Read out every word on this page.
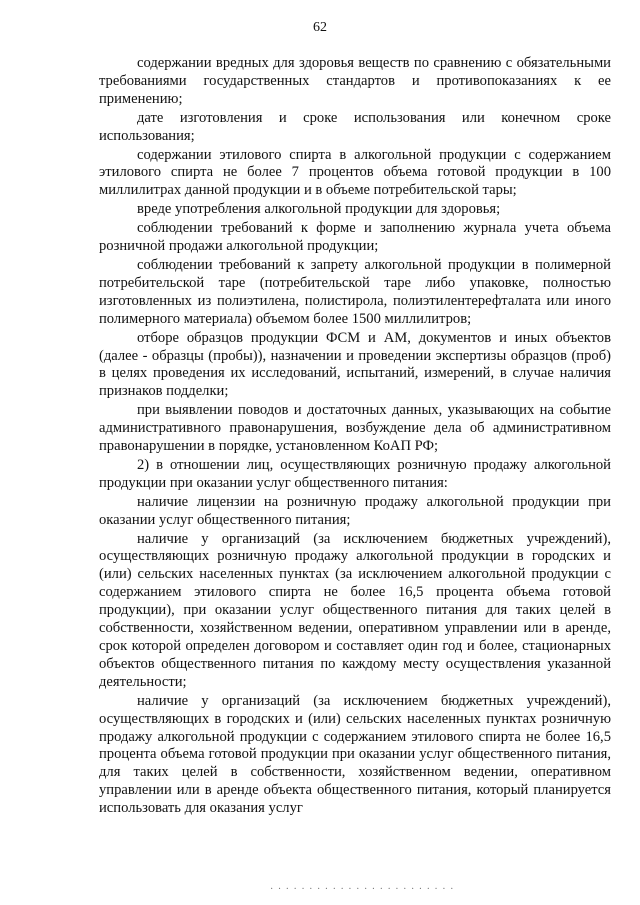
62

содержании вредных для здоровья веществ по сравнению с обязательными требованиями государственных стандартов и противопоказаниях к ее применению;

дате изготовления и сроке использования или конечном сроке использования;

содержании этилового спирта в алкогольной продукции с содержанием этилового спирта не более 7 процентов объема готовой продукции в 100 миллилитрах данной продукции и в объеме потребительской тары;

вреде употребления алкогольной продукции для здоровья;

соблюдении требований к форме и заполнению журнала учета объема розничной продажи алкогольной продукции;

соблюдении требований к запрету алкогольной продукции в полимерной потребительской таре (потребительской таре либо упаковке, полностью изготовленных из полиэтилена, полистирола, полиэтилентерефталата или иного полимерного материала) объемом более 1500 миллилитров;

отборе образцов продукции ФСМ и АМ, документов и иных объектов (далее - образцы (пробы)), назначении и проведении экспертизы образцов (проб) в целях проведения их исследований, испытаний, измерений, в случае наличия признаков подделки;

при выявлении поводов и достаточных данных, указывающих на событие административного правонарушения, возбуждение дела об административном правонарушении в порядке, установленном КоАП РФ;

2) в отношении лиц, осуществляющих розничную продажу алкогольной продукции при оказании услуг общественного питания:

наличие лицензии на розничную продажу алкогольной продукции при оказании услуг общественного питания;

наличие у организаций (за исключением бюджетных учреждений), осуществляющих розничную продажу алкогольной продукции в городских и (или) сельских населенных пунктах (за исключением алкогольной продукции с содержанием этилового спирта не более 16,5 процента объема готовой продукции), при оказании услуг общественного питания для таких целей в собственности, хозяйственном ведении, оперативном управлении или в аренде, срок которой определен договором и составляет один год и более, стационарных объектов общественного питания по каждому месту осуществления указанной деятельности;

наличие у организаций (за исключением бюджетных учреждений), осуществляющих в городских и (или) сельских населенных пунктах розничную продажу алкогольной продукции с содержанием этилового спирта не более 16,5 процента объема готовой продукции при оказании услуг общественного питания, для таких целей в собственности, хозяйственном ведении, оперативном управлении или в аренде объекта общественного питания, который планируется использовать для оказания услуг

· · · · · · · · · · · · · · · · · · · · · · · ·
